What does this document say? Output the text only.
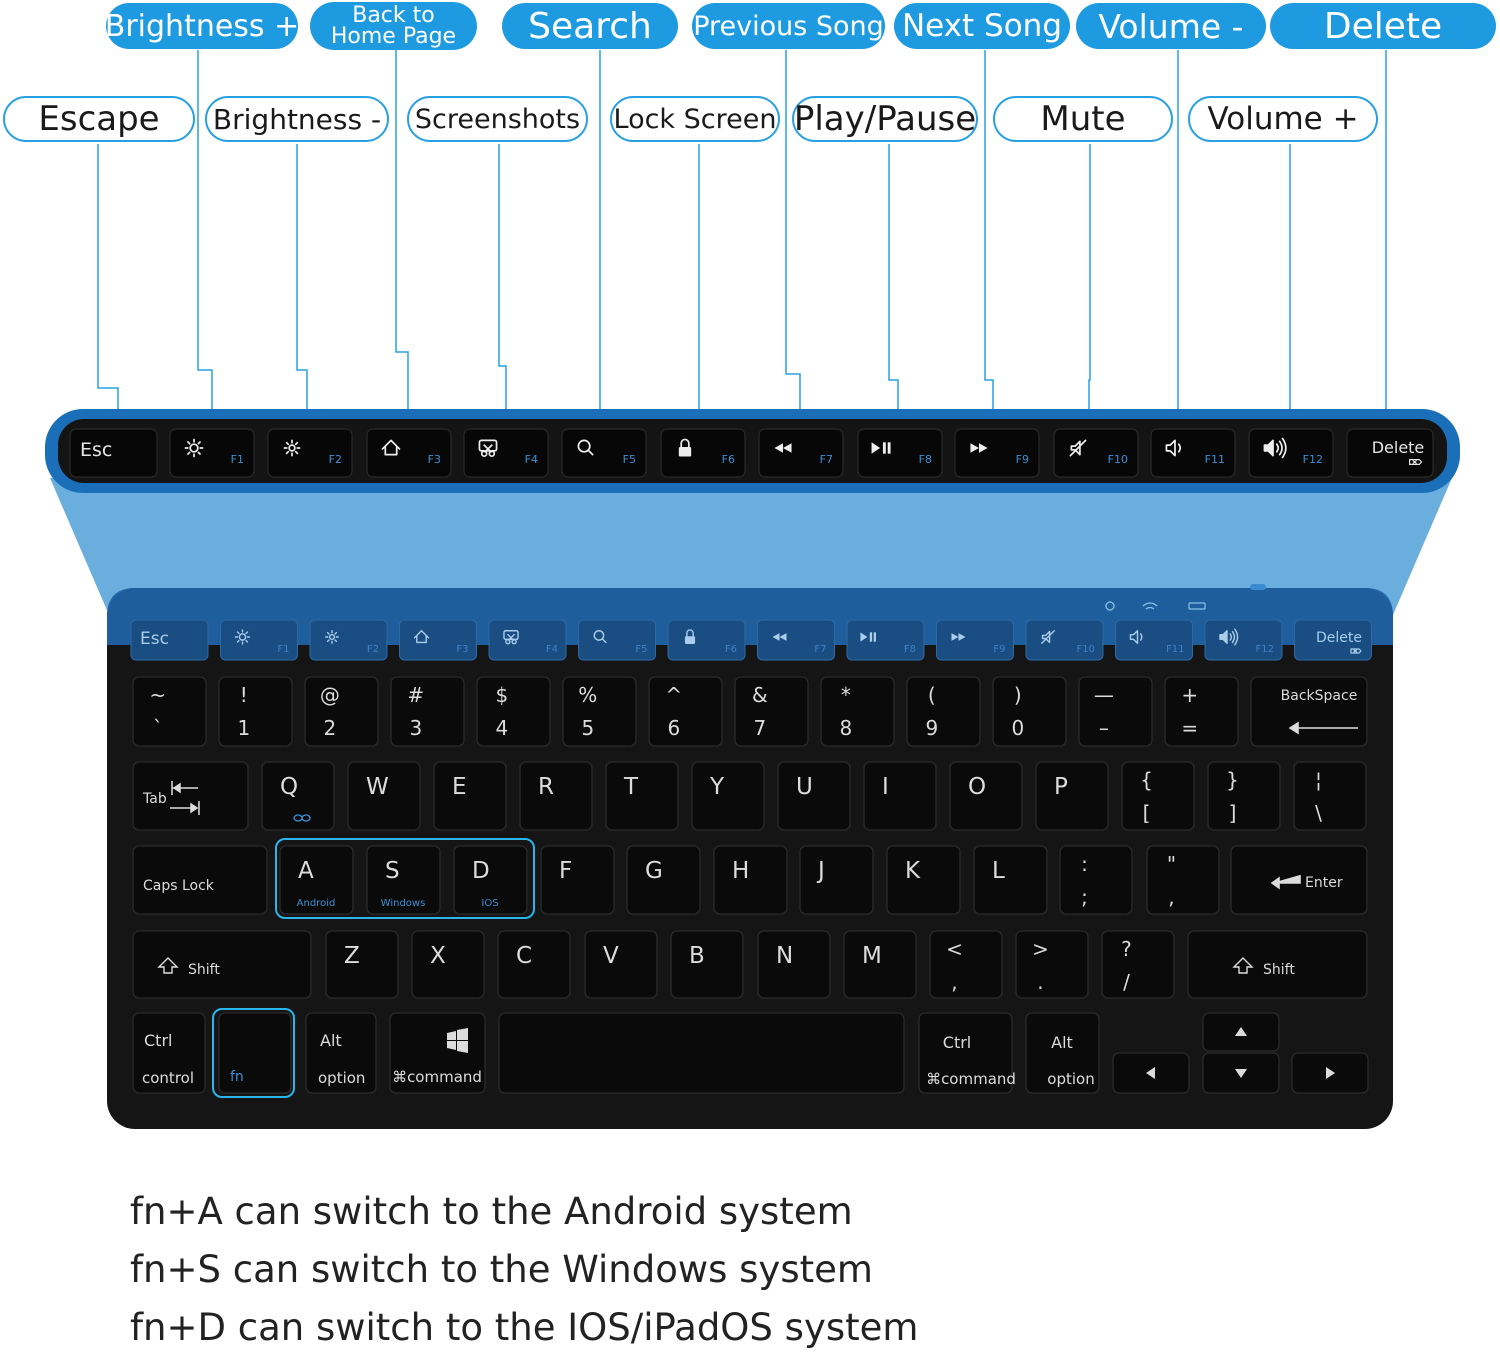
Esc	F1	F2	F3	F4	F5	F6	F7	F8	F9	F10	F11	F12
Delete
Esc
F1	F2	F3	F4	F5	F6	F7	F8	F9	F10	F11	F12
Delete
~
`
!
1
@
2
#
3
$
4
%
5
^
6
&
7
*
8
(
9
)
0
—
–
+
=
BackSpace
Tab	Q	W	E	R	T	Y	U	I	O	P	{
[
}
]
¦
\
Caps Lock
A
Android
S
Windows
D
IOS
F	G	H	J	K	L	:
;
"
,
Enter
Shift
Z	X	C	V	B	N	M	<
,
>
.
?
/	Shift
Ctrl
control	fn
Alt
option ⌘command
Ctrl
⌘command
Alt
option
Brightness + Back to
Home Page Search Previous Song Next Song Volume - Delete
Escape Brightness - Screenshots Lock Screen Play/Pause Mute	Volume +
fn+A can switch to the Android system
fn+S can switch to the Windows system
fn+D can switch to the IOS/iPadOS system
